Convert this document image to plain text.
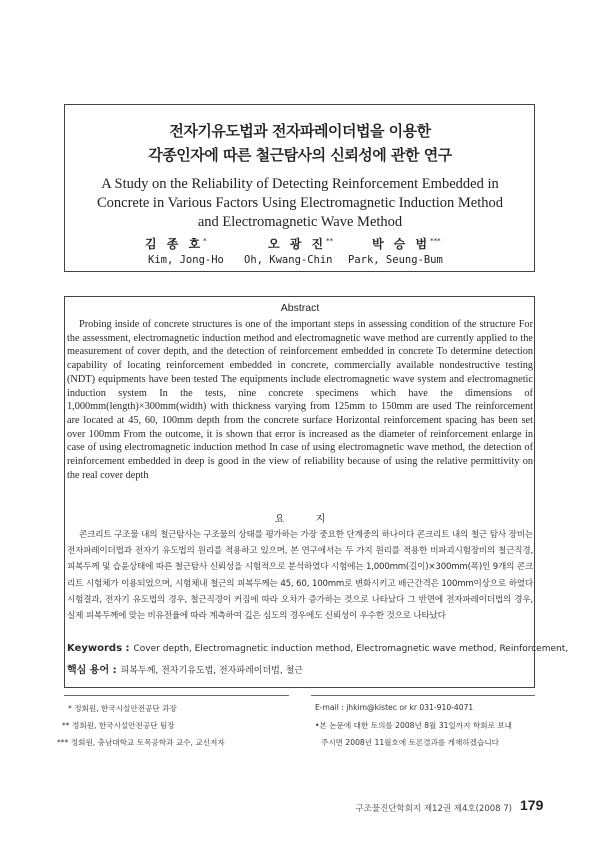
전자기유도법과 전자파레이더법을 이용한
각종인자에 따른 철근탐사의 신뢰성에 관한 연구
A Study on the Reliability of Detecting Reinforcement Embedded in
Concrete in Various Factors Using Electromagnetic Induction Method
and Electromagnetic Wave Method
김 종 호*	오 광 진**	박 승 범***
Kim, Jong-Ho Oh, Kwang-Chin Park, Seung-Bum
Abstract

Probing inside of concrete structures is one of the important steps in assessing condition of the structure For the assessment, electromagnetic induction method and electromagnetic wave method are currently applied to the measurement of cover depth, and the detection of reinforcement embedded in concrete To determine detection capability of locating reinforcement embedded in concrete, commercially available nondestructive testing (NDT) equipments have been tested The equipments include electromagnetic wave system and electromagnetic induction system In the tests, nine concrete specimens which have the dimensions of 1,000mm(length)×300mm(width) with thickness varying from 125mm to 150mm are used The reinforcement are located at 45, 60, 100mm depth from the concrete surface Horizontal reinforcement spacing has been set over 100mm From the outcome, it is shown that error is increased as the diameter of reinforcement enlarge in case of using electromagnetic induction method In case of using electromagnetic wave method, the detection of reinforcement embedded in deep is good in the view of reliability because of using the relative permittivity on the real cover depth

요 지

콘크리트 구조물 내의 철근탐사는 구조물의 상태를 평가하는 가장 중요한 단계중의 하나이다 콘크리트 내의 철근 탐사 장비는 전자파레이더법과 전자기 유도법의 원리를 적용하고 있으며, 본 연구에서는 두 가지 원리를 적용한 비파괴시험장비의 철근직경, 피복두께 및 습윤상태에 따른 철근탐사 신뢰성을 시험적으로 분석하였다 시험에는 1,000mm(길이)×300mm(폭)인 9개의 콘크리트 시험체가 이용되었으며, 시험체내 철근의 피복두께는 45, 60, 100mm로 변화시키고 배근간격은 100mm이상으로 하였다 시험결과, 전자기 유도법의 경우, 철근직경이 커짐에 따라 오차가 증가하는 것으로 나타났다 그 반면에 전자파레이더법의 경우, 실제 피복두께에 맞는 비유전율에 따라 계측하여 깊은 심도의 경우에도 신뢰성이 우수한 것으로 나타났다

Keywords : Cover depth, Electromagnetic induction method, Electromagnetic wave method, Reinforcement,
핵심 용어 : 피복두께, 전자기유도법, 전자파레이더법, 철근
* 정회원, 한국시설안전공단 과장
** 정회원, 한국시설안전공단 팀장
*** 정회원, 충남대학교 토목공학과 교수, 교신저자
E-mail : jhkim@kistec or kr 031-910-4071
•본 논문에 대한 토의를 2008년 8월 31일까지 학회로 보내
주시면 2008년 11월호에 토론결과를 게재하겠습니다
구조물진단학회지 제12권 제4호(2008 7) 179
